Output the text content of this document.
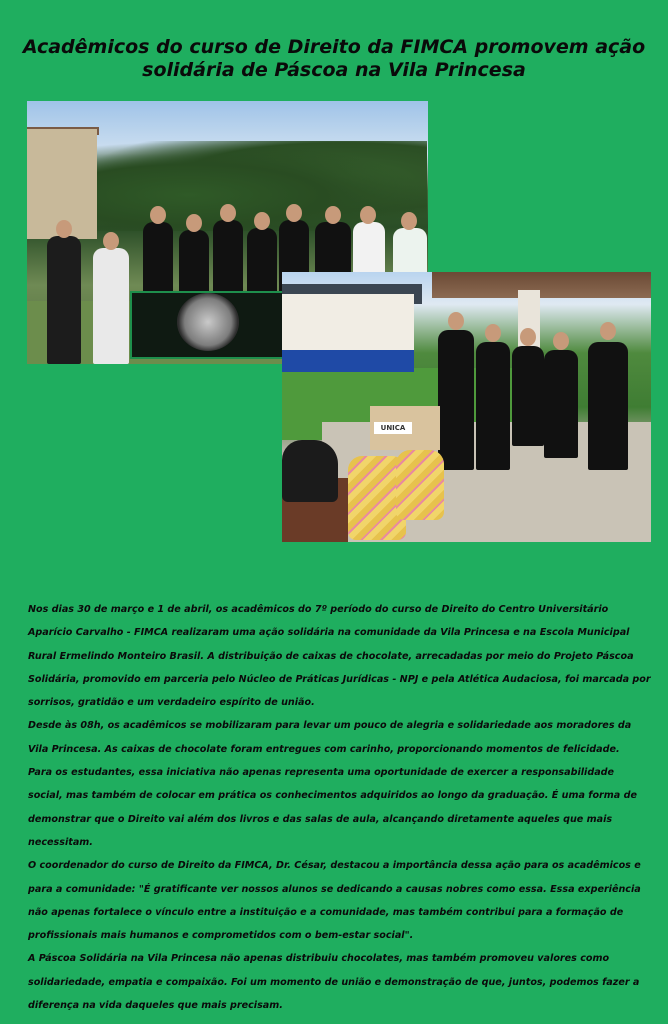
Acadêmicos do curso de Direito da FIMCA promovem ação
solidária de Páscoa na Vila Princesa
UNICA

Nos dias 30 de março e 1 de abril, os acadêmicos do 7º período do curso de Direito do Centro Universitário Aparício Carvalho - FIMCA realizaram uma ação solidária na comunidade da Vila Princesa e na Escola Municipal Rural Ermelindo Monteiro Brasil. A distribuição de caixas de chocolate, arrecadadas por meio do Projeto Páscoa Solidária, promovido em parceria pelo Núcleo de Práticas Jurídicas - NPJ e pela Atlética Audaciosa, foi marcada por sorrisos, gratidão e um verdadeiro espírito de união.

Desde às 08h, os acadêmicos se mobilizaram para levar um pouco de alegria e solidariedade aos moradores da Vila Princesa. As caixas de chocolate foram entregues com carinho, proporcionando momentos de felicidade.

Para os estudantes, essa iniciativa não apenas representa uma oportunidade de exercer a responsabilidade social, mas também de colocar em prática os conhecimentos adquiridos ao longo da graduação. É uma forma de demonstrar que o Direito vai além dos livros e das salas de aula, alcançando diretamente aqueles que mais necessitam.

O coordenador do curso de Direito da FIMCA, Dr. César, destacou a importância dessa ação para os acadêmicos e para a comunidade: "É gratificante ver nossos alunos se dedicando a causas nobres como essa. Essa experiência não apenas fortalece o vínculo entre a instituição e a comunidade, mas também contribui para a formação de profissionais mais humanos e comprometidos com o bem-estar social".

A Páscoa Solidária na Vila Princesa não apenas distribuiu chocolates, mas também promoveu valores como solidariedade, empatia e compaixão. Foi um momento de união e demonstração de que, juntos, podemos fazer a diferença na vida daqueles que mais precisam.
